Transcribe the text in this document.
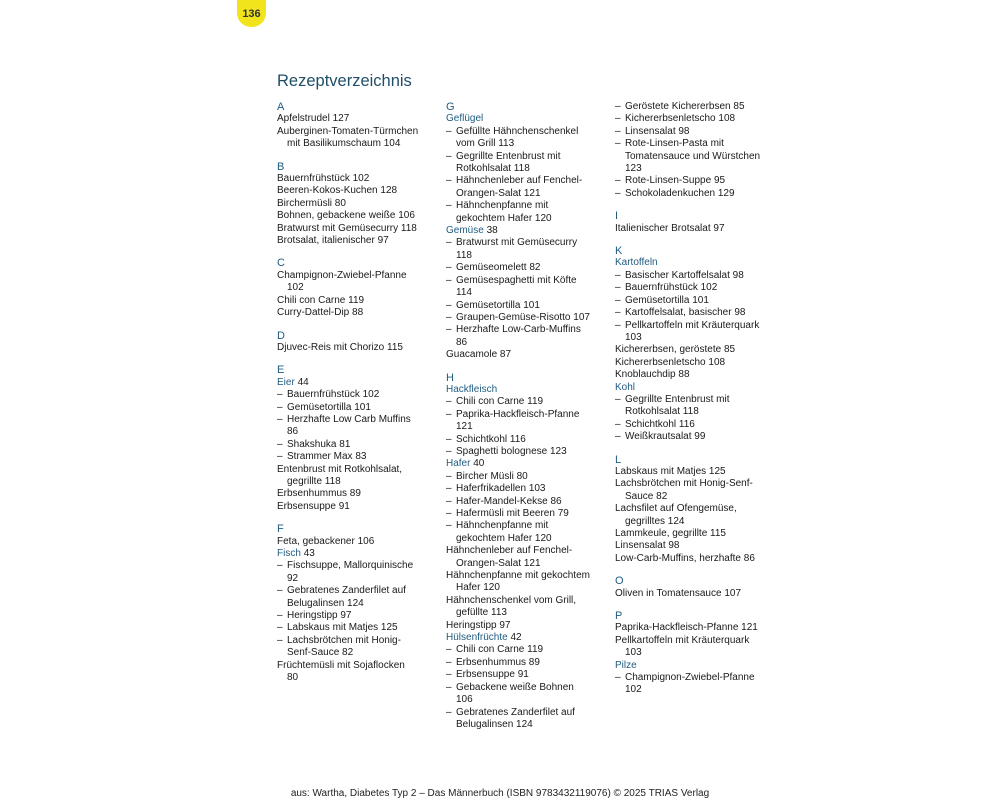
136
Rezeptverzeichnis
A
Apfelstrudel 127
Auberginen-Tomaten-Türmchen
mit Basilikumschaum 104
B
Bauernfrühstück 102
Beeren-Kokos-Kuchen 128
Birchermüsli 80
Bohnen, gebackene weiße 106
Bratwurst mit Gemüsecurry 118
Brotsalat, italienischer 97
C
Champignon-Zwiebel-Pfanne
102
Chili con Carne 119
Curry-Dattel-Dip 88
D
Djuvec-Reis mit Chorizo 115
E
Eier 44
– Bauernfrühstück 102
– Gemüsetortilla 101
– Herzhafte Low Carb Muffins
86
– Shakshuka 81
– Strammer Max 83
Entenbrust mit Rotkohlsalat,
gegrillte 118
Erbsenhummus 89
Erbsensuppe 91
F
Feta, gebackener 106
Fisch 43
– Fischsuppe, Mallorquinische
92
– Gebratenes Zanderfilet auf
Belugalinsen 124
– Heringstipp 97
– Labskaus mit Matjes 125
– Lachsbrötchen mit Honig-
Senf-Sauce 82
Früchtemüsli mit Sojaflocken
80
G
Geflügel
– Gefüllte Hähnchenschenkel
vom Grill 113
– Gegrillte Entenbrust mit
Rotkohlsalat 118
– Hähnchenleber auf Fenchel-
Orangen-Salat 121
– Hähnchenpfanne mit
gekochtem Hafer 120
Gemüse 38
– Bratwurst mit Gemüsecurry
118
– Gemüseomelett 82
– Gemüsespaghetti mit Köfte
114
– Gemüsetortilla 101
– Graupen-Gemüse-Risotto 107
– Herzhafte Low-Carb-Muffins
86
Guacamole 87
H
Hackfleisch
– Chili con Carne 119
– Paprika-Hackfleisch-Pfanne
121
– Schichtkohl 116
– Spaghetti bolognese 123
Hafer 40
– Bircher Müsli 80
– Haferfrikadellen 103
– Hafer-Mandel-Kekse 86
– Hafermüsli mit Beeren 79
– Hähnchenpfanne mit
gekochtem Hafer 120
Hähnchenleber auf Fenchel-
Orangen-Salat 121
Hähnchenpfanne mit gekochtem
Hafer 120
Hähnchenschenkel vom Grill,
gefüllte 113
Heringstipp 97
Hülsenfrüchte 42
– Chili con Carne 119
– Erbsenhummus 89
– Erbsensuppe 91
– Gebackene weiße Bohnen
106
– Gebratenes Zanderfilet auf
Belugalinsen 124
– Geröstete Kichererbsen 85
– Kichererbsenletscho 108
– Linsensalat 98
– Rote-Linsen-Pasta mit
Tomatensauce und Würstchen
123
– Rote-Linsen-Suppe 95
– Schokoladenkuchen 129
I
Italienischer Brotsalat 97
K
Kartoffeln
– Basischer Kartoffelsalat 98
– Bauernfrühstück 102
– Gemüsetortilla 101
– Kartoffelsalat, basischer 98
– Pellkartoffeln mit Kräuterquark
103
Kichererbsen, geröstete 85
Kichererbsenletscho 108
Knoblauchdip 88
Kohl
– Gegrillte Entenbrust mit
Rotkohlsalat 118
– Schichtkohl 116
– Weißkrautsalat 99
L
Labskaus mit Matjes 125
Lachsbrötchen mit Honig-Senf-
Sauce 82
Lachsfilet auf Ofengemüse,
gegrilltes 124
Lammkeule, gegrillte 115
Linsensalat 98
Low-Carb-Muffins, herzhafte 86
O
Oliven in Tomatensauce 107
P
Paprika-Hackfleisch-Pfanne 121
Pellkartoffeln mit Kräuterquark
103
Pilze
– Champignon-Zwiebel-Pfanne
102
aus: Wartha, Diabetes Typ 2 – Das Männerbuch (ISBN 9783432119076) © 2025 TRIAS Verlag
